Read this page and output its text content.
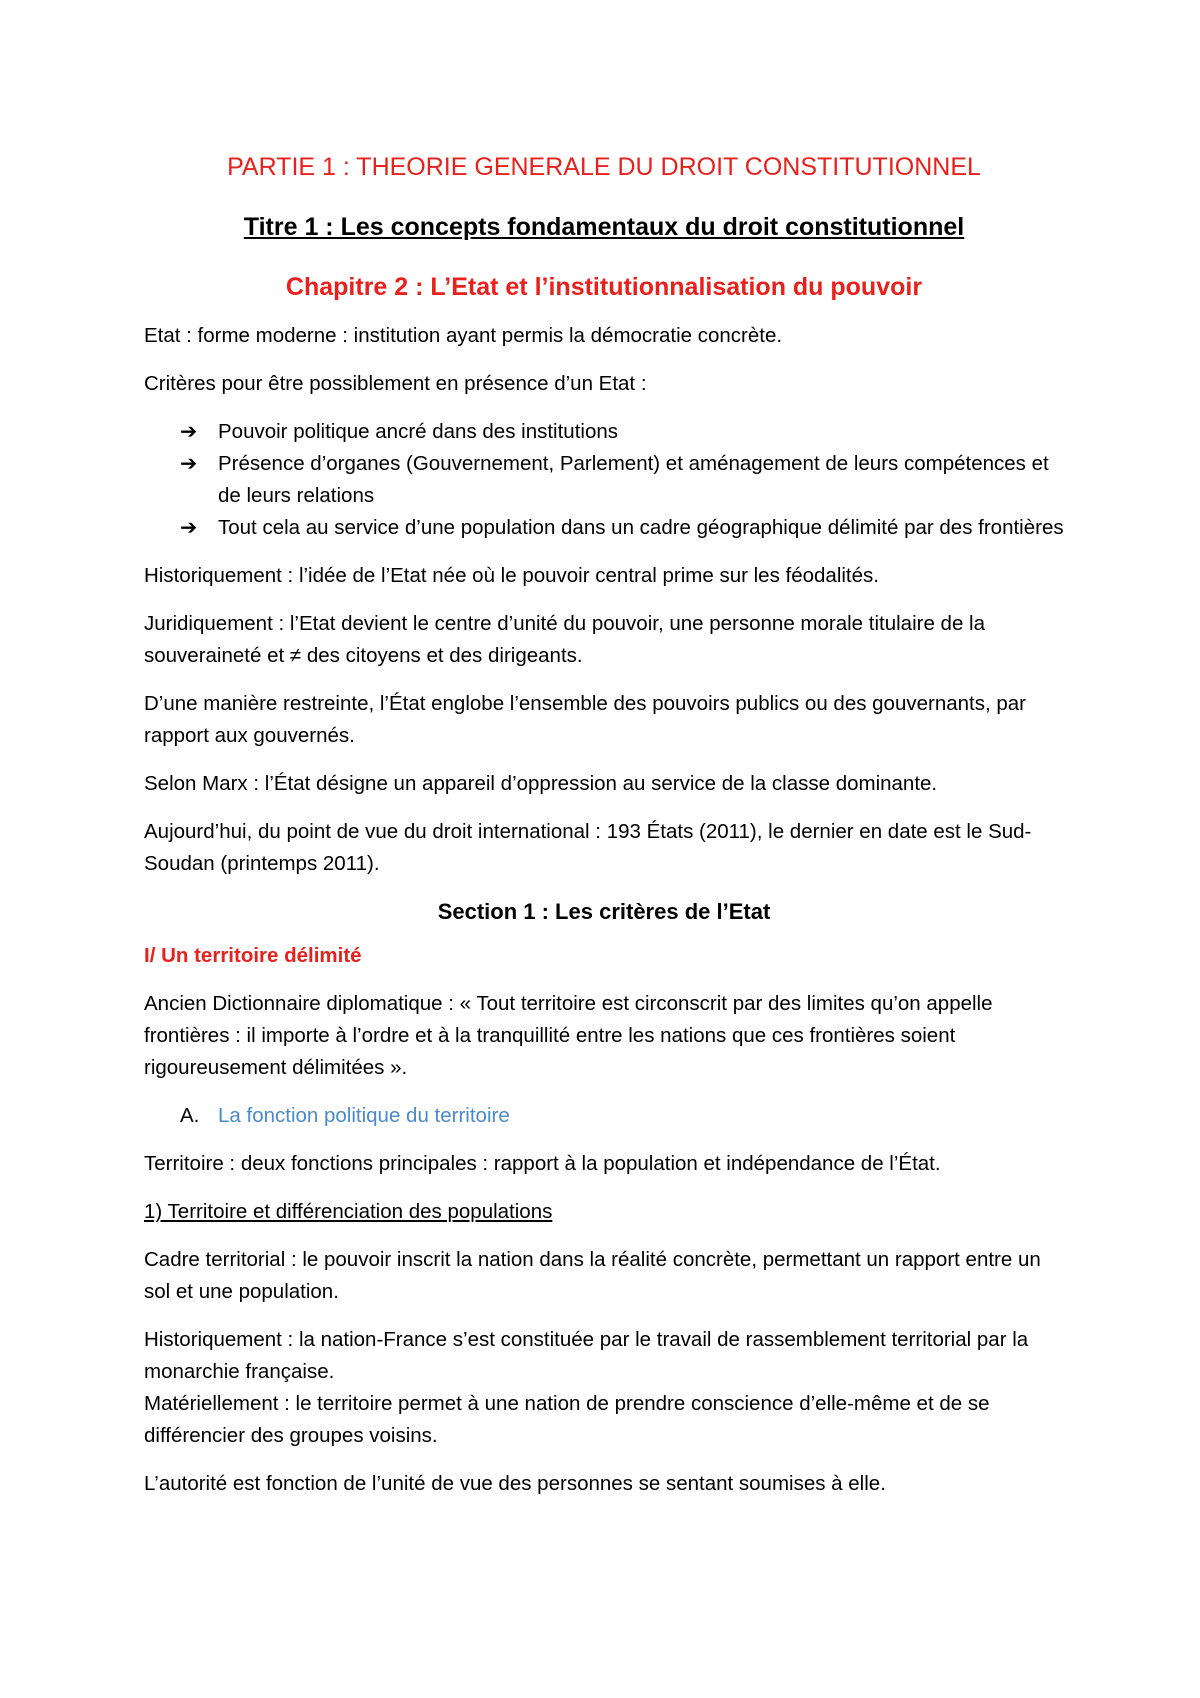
PARTIE 1 : THEORIE GENERALE DU DROIT CONSTITUTIONNEL
Titre 1 : Les concepts fondamentaux du droit constitutionnel
Chapitre 2 : L’Etat et l’institutionnalisation du pouvoir

Etat : forme moderne : institution ayant permis la démocratie concrète.

Critères pour être possiblement en présence d’un Etat :

➔ Pouvoir politique ancré dans des institutions
➔ Présence d’organes (Gouvernement, Parlement) et aménagement de leurs compétences et de leurs relations
➔ Tout cela au service d’une population dans un cadre géographique délimité par des frontières

Historiquement : l’idée de l’Etat née où le pouvoir central prime sur les féodalités.

Juridiquement : l’Etat devient le centre d’unité du pouvoir, une personne morale titulaire de la souveraineté et ≠ des citoyens et des dirigeants.

D’une manière restreinte, l’État englobe l’ensemble des pouvoirs publics ou des gouvernants, par rapport aux gouvernés.

Selon Marx : l’État désigne un appareil d’oppression au service de la classe dominante.

Aujourd’hui, du point de vue du droit international : 193 États (2011), le dernier en date est le Sud-Soudan (printemps 2011).

Section 1 : Les critères de l’Etat
I/ Un territoire délimité

Ancien Dictionnaire diplomatique : « Tout territoire est circonscrit par des limites qu’on appelle frontières : il importe à l’ordre et à la tranquillité entre les nations que ces frontières soient rigoureusement délimitées ».

A. La fonction politique du territoire

Territoire : deux fonctions principales : rapport à la population et indépendance de l’État.

1) Territoire et différenciation des populations

Cadre territorial : le pouvoir inscrit la nation dans la réalité concrète, permettant un rapport entre un sol et une population.

Historiquement : la nation-France s’est constituée par le travail de rassemblement territorial par la monarchie française.

Matériellement : le territoire permet à une nation de prendre conscience d’elle-même et de se différencier des groupes voisins.

L’autorité est fonction de l’unité de vue des personnes se sentant soumises à elle.
